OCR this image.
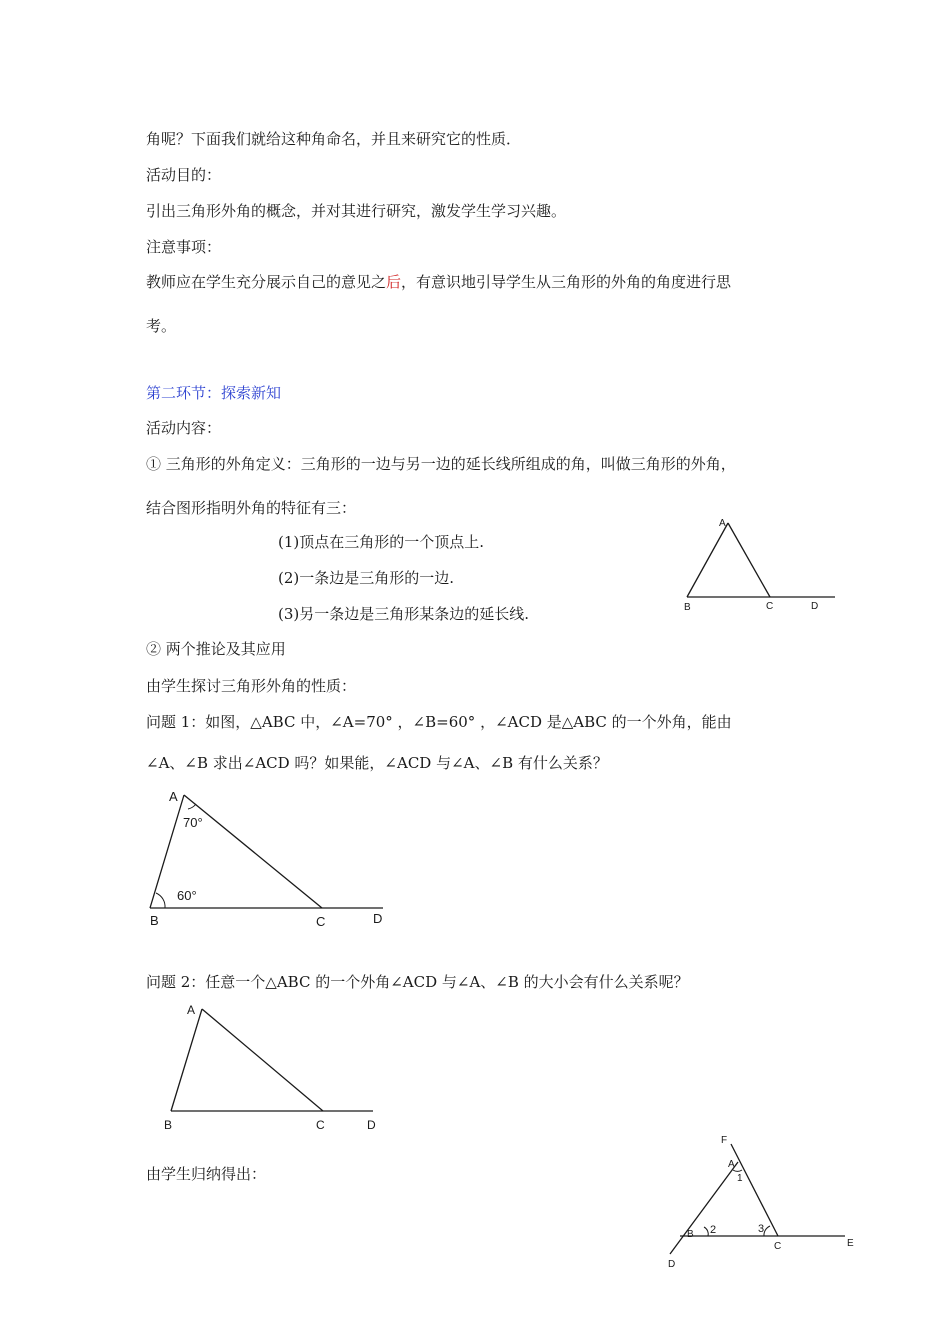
角呢？下面我们就给这种角命名，并且来研究它的性质．
活动目的：
引出三角形外角的概念，并对其进行研究，激发学生学习兴趣。
注意事项：
教师应在学生充分展示自己的意见之后，有意识地引导学生从三角形的外角的角度进行思
考。
第二环节：探索新知
活动内容：
① 三角形的外角定义：三角形的一边与另一边的延长线所组成的角，叫做三角形的外角，
结合图形指明外角的特征有三：
(1)顶点在三角形的一个顶点上.
(2)一条边是三角形的一边.
(3)另一条边是三角形某条边的延长线.
② 两个推论及其应用
由学生探讨三角形外角的性质：
问题 1：如图，△ABC 中，∠A=70° ，∠B=60° ，∠ACD 是△ABC 的一个外角，能由
∠A、∠B 求出∠ACD 吗？如果能，∠ACD 与∠A、∠B 有什么关系？
问题 2：任意一个△ABC 的一个外角∠ACD 与∠A、∠B 的大小会有什么关系呢？
由学生归纳得出：
A
B	C	D
A
70°
60°
B	C	D
A
B	C	D
F
A
1
B 2	3
C	E
D
